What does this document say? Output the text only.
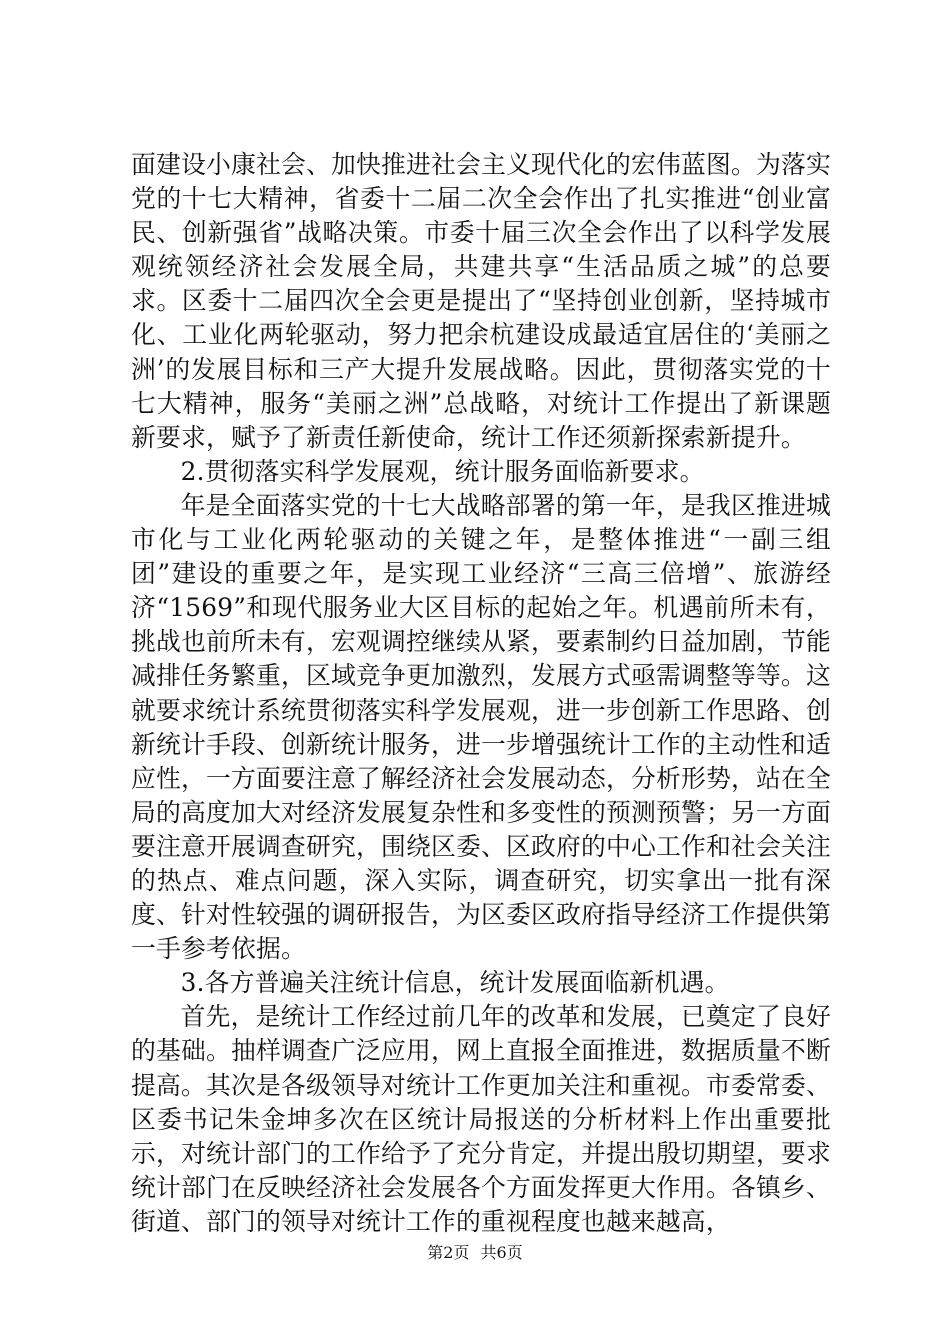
面建设小康社会、加快推进社会主义现代化的宏伟蓝图。为落实党的十七大精神，省委十二届二次全会作出了扎实推进“创业富民、创新强省”战略决策。市委十届三次全会作出了以科学发展观统领经济社会发展全局，共建共享“生活品质之城”的总要求。区委十二届四次全会更是提出了“坚持创业创新，坚持城市化、工业化两轮驱动，努力把余杭建设成最适宜居住的‘美丽之洲’的发展目标和三产大提升发展战略。因此，贯彻落实党的十七大精神，服务“美丽之洲”总战略，对统计工作提出了新课题新要求，赋予了新责任新使命，统计工作还须新探索新提升。

2.贯彻落实科学发展观，统计服务面临新要求。

年是全面落实党的十七大战略部署的第一年，是我区推进城市化与工业化两轮驱动的关键之年，是整体推进“一副三组团”建设的重要之年，是实现工业经济“三高三倍增”、旅游经济“1569”和现代服务业大区目标的起始之年。机遇前所未有，挑战也前所未有，宏观调控继续从紧，要素制约日益加剧，节能减排任务繁重，区域竞争更加激烈，发展方式亟需调整等等。这就要求统计系统贯彻落实科学发展观，进一步创新工作思路、创新统计手段、创新统计服务，进一步增强统计工作的主动性和适应性，一方面要注意了解经济社会发展动态，分析形势，站在全局的高度加大对经济发展复杂性和多变性的预测预警；另一方面要注意开展调查研究，围绕区委、区政府的中心工作和社会关注的热点、难点问题，深入实际，调查研究，切实拿出一批有深度、针对性较强的调研报告，为区委区政府指导经济工作提供第一手参考依据。

3.各方普遍关注统计信息，统计发展面临新机遇。

首先，是统计工作经过前几年的改革和发展，已奠定了良好的基础。抽样调查广泛应用，网上直报全面推进，数据质量不断提高。其次是各级领导对统计工作更加关注和重视。市委常委、区委书记朱金坤多次在区统计局报送的分析材料上作出重要批示，对统计部门的工作给予了充分肯定，并提出殷切期望，要求统计部门在反映经济社会发展各个方面发挥更大作用。各镇乡、街道、部门的领导对统计工作的重视程度也越来越高，

第2页 共6页
